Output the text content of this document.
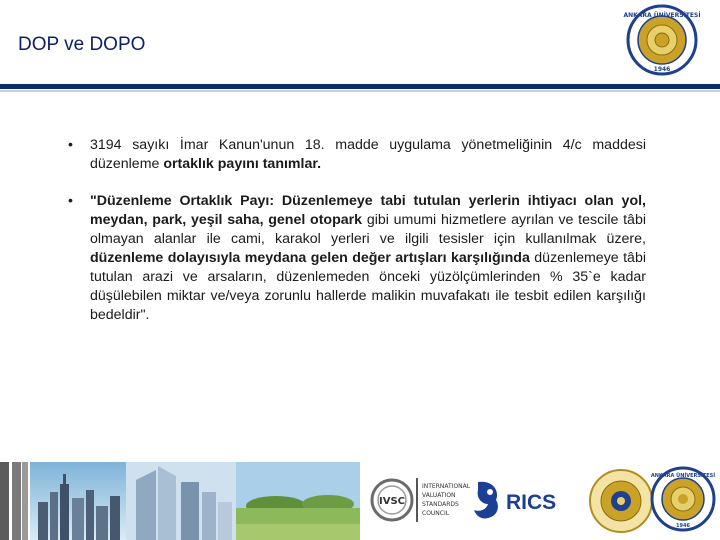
DOP ve DOPO
ANKARA ÜNİVERSİTESİ
1946
• 3194 sayıkı İmar Kanun'unun 18. madde uygulama yönetmeliğinin 4/c maddesi düzenleme ortaklık payını tanımlar.
• "Düzenleme Ortaklık Payı: Düzenlemeye tabi tutulan yerlerin ihtiyacı olan yol, meydan, park, yeşil saha, genel otopark gibi umumi hizmetlere ayrılan ve tescile tâbi olmayan alanlar ile cami, karakol yerleri ve ilgili tesisler için kullanılmak üzere, düzenleme dolayısıyla meydana gelen değer artışları karşılığında düzenlemeye tâbi tutulan arazi ve arsaların, düzenlemeden önceki yüzölçümlerinden % 35`e kadar düşülebilen miktar ve/veya zorunlu hallerde malikin muvafakatı ile tesbit edilen karşılığı bedeldir".
IVSC
INTERNATIONAL
VALUATION
STANDARDS
COUNCIL	RICS
ANKARA ÜNİVERSİTESİ
1946
